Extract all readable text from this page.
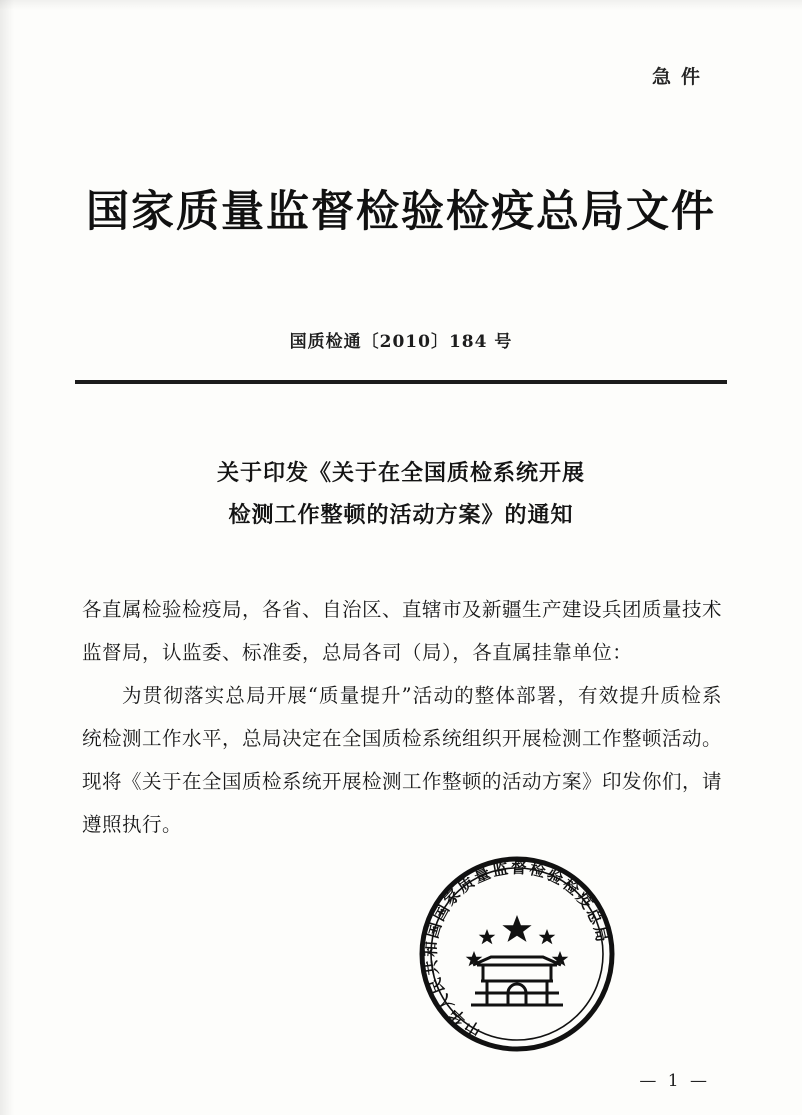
急件
国家质量监督检验检疫总局文件
国质检通〔2010〕184 号
关于印发《关于在全国质检系统开展
检测工作整顿的活动方案》的通知

各直属检验检疫局，各省、自治区、直辖市及新疆生产建设兵团质量技术监督局，认监委、标准委，总局各司（局），各直属挂靠单位：

为贯彻落实总局开展“质量提升”活动的整体部署，有效提升质检系统检测工作水平，总局决定在全国质检系统组织开展检测工作整顿活动。现将《关于在全国质检系统开展检测工作整顿的活动方案》印发你们，请遵照执行。

中华人民共和国国家质量监督检验检疫总局
— 1 —
